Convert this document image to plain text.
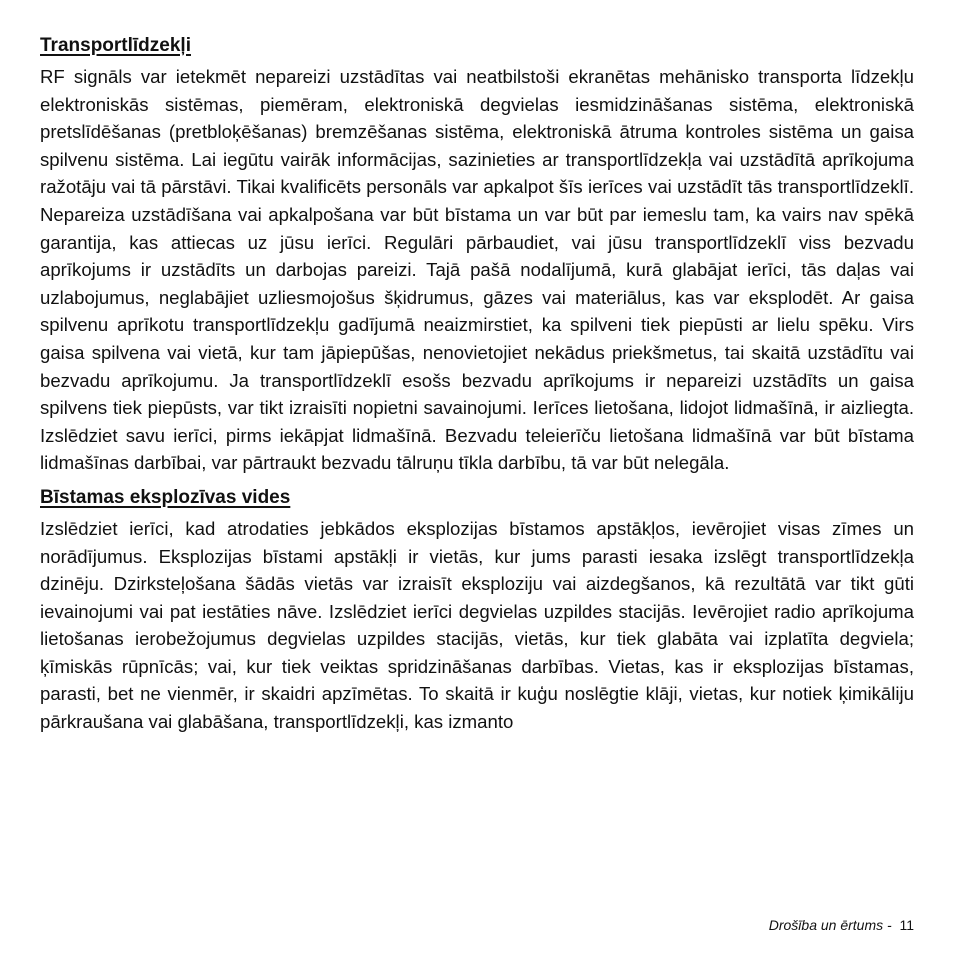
Transportlīdzekļi

RF signāls var ietekmēt nepareizi uzstādītas vai neatbilstoši ekranētas mehānisko transporta līdzekļu elektroniskās sistēmas, piemēram, elektroniskā degvielas iesmidzināšanas sistēma, elektroniskā pretslīdēšanas (pretbloķēšanas) bremzēšanas sistēma, elektroniskā ātruma kontroles sistēma un gaisa spilvenu sistēma. Lai iegūtu vairāk informācijas, sazinieties ar transportlīdzekļa vai uzstādītā aprīkojuma ražotāju vai tā pārstāvi. Tikai kvalificēts personāls var apkalpot šīs ierīces vai uzstādīt tās transportlīdzeklī. Nepareiza uzstādīšana vai apkalpošana var būt bīstama un var būt par iemeslu tam, ka vairs nav spēkā garantija, kas attiecas uz jūsu ierīci. Regulāri pārbaudiet, vai jūsu transportlīdzeklī viss bezvadu aprīkojums ir uzstādīts un darbojas pareizi. Tajā pašā nodalījumā, kurā glabājat ierīci, tās daļas vai uzlabojumus, neglabājiet uzliesmojošus šķidrumus, gāzes vai materiālus, kas var eksplodēt. Ar gaisa spilvenu aprīkotu transportlīdzekļu gadījumā neaizmirstiet, ka spilveni tiek piepūsti ar lielu spēku. Virs gaisa spilvena vai vietā, kur tam jāpiepūšas, nenovietojiet nekādus priekšmetus, tai skaitā uzstādītu vai bezvadu aprīkojumu. Ja transportlīdzeklī esošs bezvadu aprīkojums ir nepareizi uzstādīts un gaisa spilvens tiek piepūsts, var tikt izraisīti nopietni savainojumi. Ierīces lietošana, lidojot lidmašīnā, ir aizliegta. Izslēdziet savu ierīci, pirms iekāpjat lidmašīnā. Bezvadu teleierīču lietošana lidmašīnā var būt bīstama lidmašīnas darbībai, var pārtraukt bezvadu tālruņu tīkla darbību, tā var būt nelegāla.

Bīstamas eksplozīvas vides

Izslēdziet ierīci, kad atrodaties jebkādos eksplozijas bīstamos apstākļos, ievērojiet visas zīmes un norādījumus. Eksplozijas bīstami apstākļi ir vietās, kur jums parasti iesaka izslēgt transportlīdzekļa dzinēju. Dzirksteļošana šādās vietās var izraisīt eksploziju vai aizdegšanos, kā rezultātā var tikt gūti ievainojumi vai pat iestāties nāve. Izslēdziet ierīci degvielas uzpildes stacijās. Ievērojiet radio aprīkojuma lietošanas ierobežojumus degvielas uzpildes stacijās, vietās, kur tiek glabāta vai izplatīta degviela; ķīmiskās rūpnīcās; vai, kur tiek veiktas spridzināšanas darbības. Vietas, kas ir eksplozijas bīstamas, parasti, bet ne vienmēr, ir skaidri apzīmētas. To skaitā ir kuģu noslēgtie klāji, vietas, kur notiek ķimikāliju pārkraušana vai glabāšana, transportlīdzekļi, kas izmanto

Drošība un ērtums - 11
